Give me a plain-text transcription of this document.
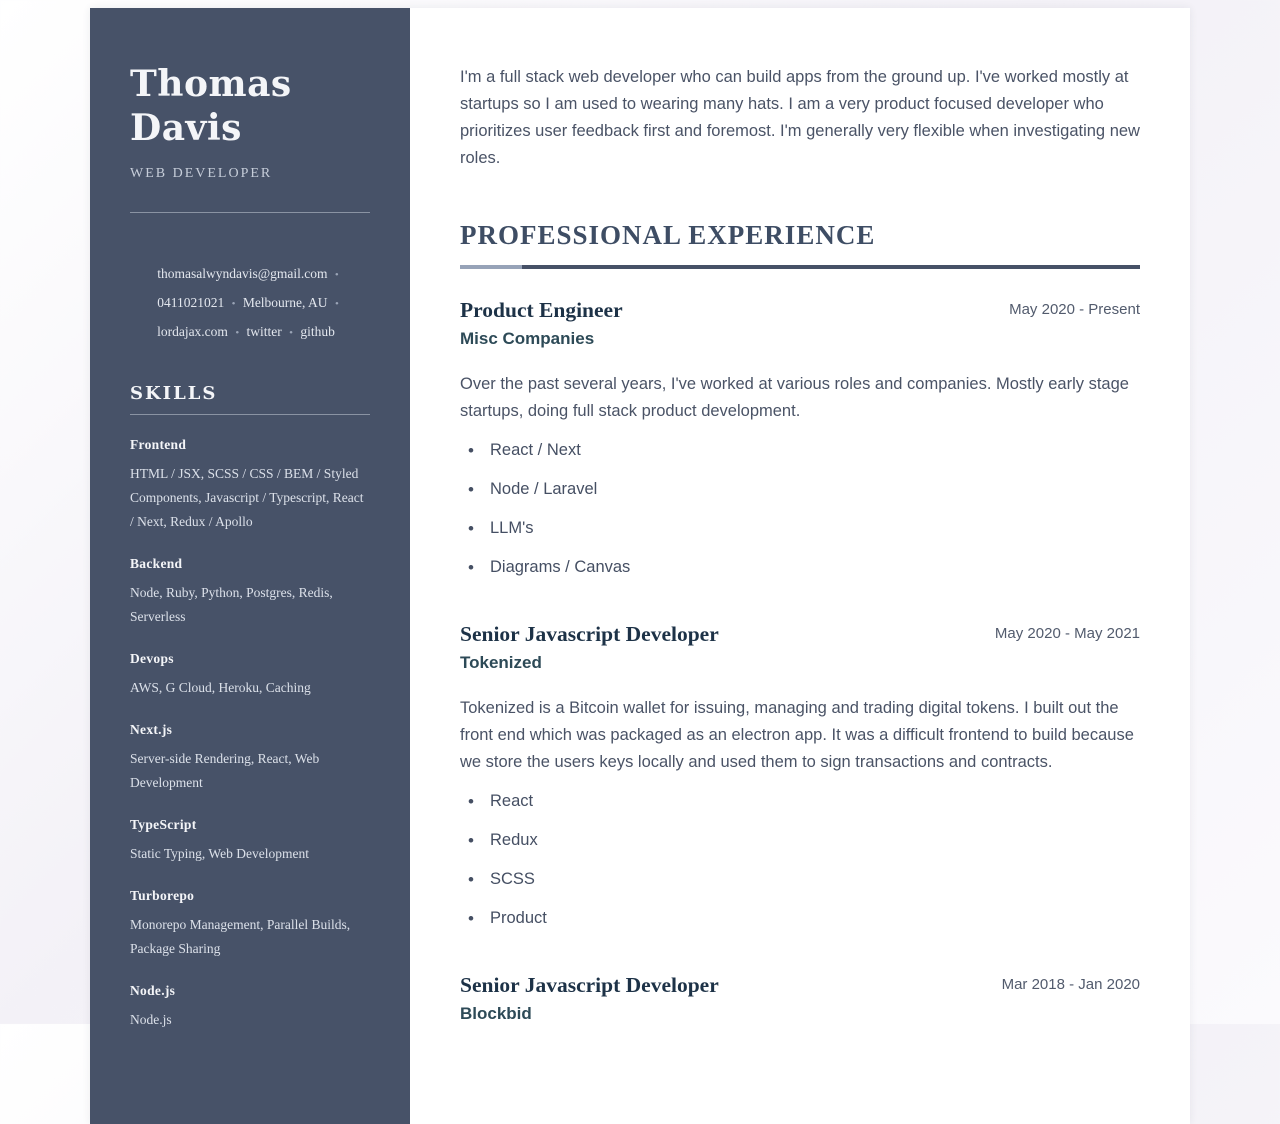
Thomas Davis
WEB DEVELOPER

thomasalwyndavis@gmail.com • 0411021021 • Melbourne, AU • lordajax.com • twitter • github

SKILLS
Frontend
HTML / JSX, SCSS / CSS / BEM / Styled Components, Javascript / Typescript, React / Next, Redux / Apollo
Backend
Node, Ruby, Python, Postgres, Redis, Serverless
Devops
AWS, G Cloud, Heroku, Caching
Next.js
Server-side Rendering, React, Web Development
TypeScript
Static Typing, Web Development
Turborepo
Monorepo Management, Parallel Builds, Package Sharing
Node.js
Node.js

I'm a full stack web developer who can build apps from the ground up. I've worked mostly at startups so I am used to wearing many hats. I am a very product focused developer who prioritizes user feedback first and foremost. I'm generally very flexible when investigating new roles.

PROFESSIONAL EXPERIENCE
Product Engineer
Misc Companies
May 2020 - Present

Over the past several years, I've worked at various roles and companies. Mostly early stage startups, doing full stack product development.

• React / Next
• Node / Laravel
• LLM's
• Diagrams / Canvas
Senior Javascript Developer
Tokenized
May 2020 - May 2021

Tokenized is a Bitcoin wallet for issuing, managing and trading digital tokens. I built out the front end which was packaged as an electron app. It was a difficult frontend to build because we store the users keys locally and used them to sign transactions and contracts.

• React
• Redux
• SCSS
• Product
Senior Javascript Developer
Blockbid
Mar 2018 - Jan 2020
